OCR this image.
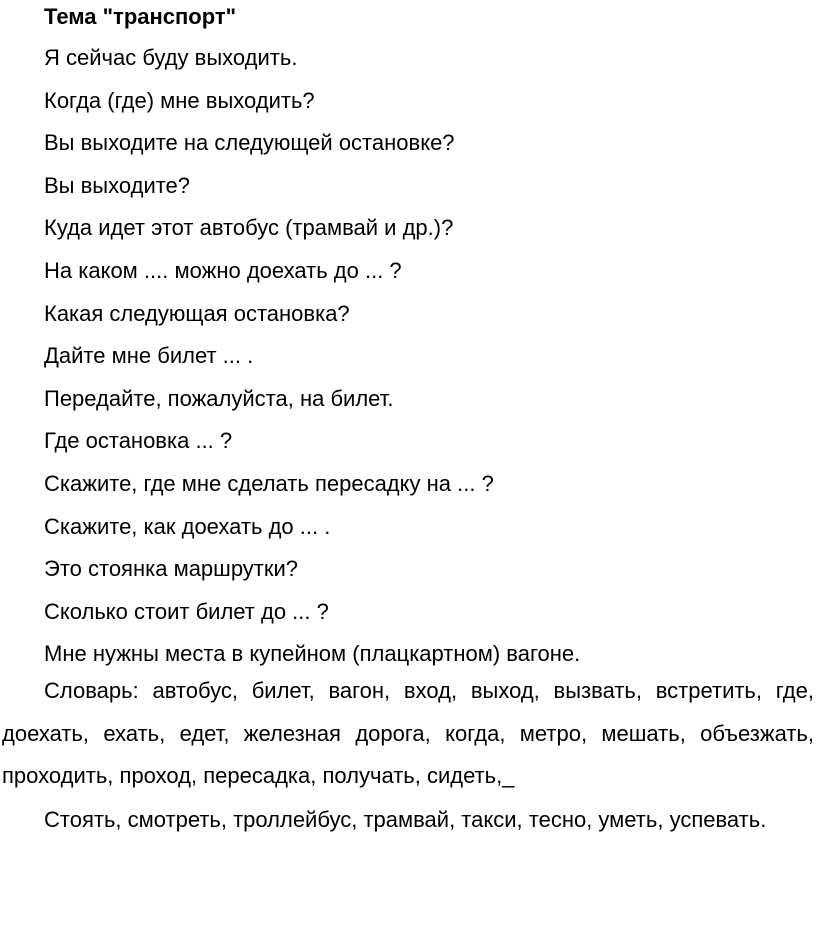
Тема "транспорт"
Я сейчас буду выходить.
Когда (где) мне выходить?
Вы выходите на следующей остановке?
Вы выходите?
Куда идет этот автобус (трамвай и др.)?
На каком .... можно доехать до ... ?
Какая следующая остановка?
Дайте мне билет ... .
Передайте, пожалуйста, на билет.
Где остановка ... ?
Скажите, где мне сделать пересадку на ... ?
Скажите, как доехать до ... .
Это стоянка маршрутки?
Сколько стоит билет до ... ?
Мне нужны места в купейном (плацкартном) вагоне.

Словарь: автобус, билет, вагон, вход, выход, вызвать, встретить, где, доехать, ехать, едет, железная дорога, когда, метро, мешать, объезжать, проходить, проход, пересадка, получать, сидеть,_

Стоять, смотреть, троллейбус, трамвай, такси, тесно, уметь, успевать.
